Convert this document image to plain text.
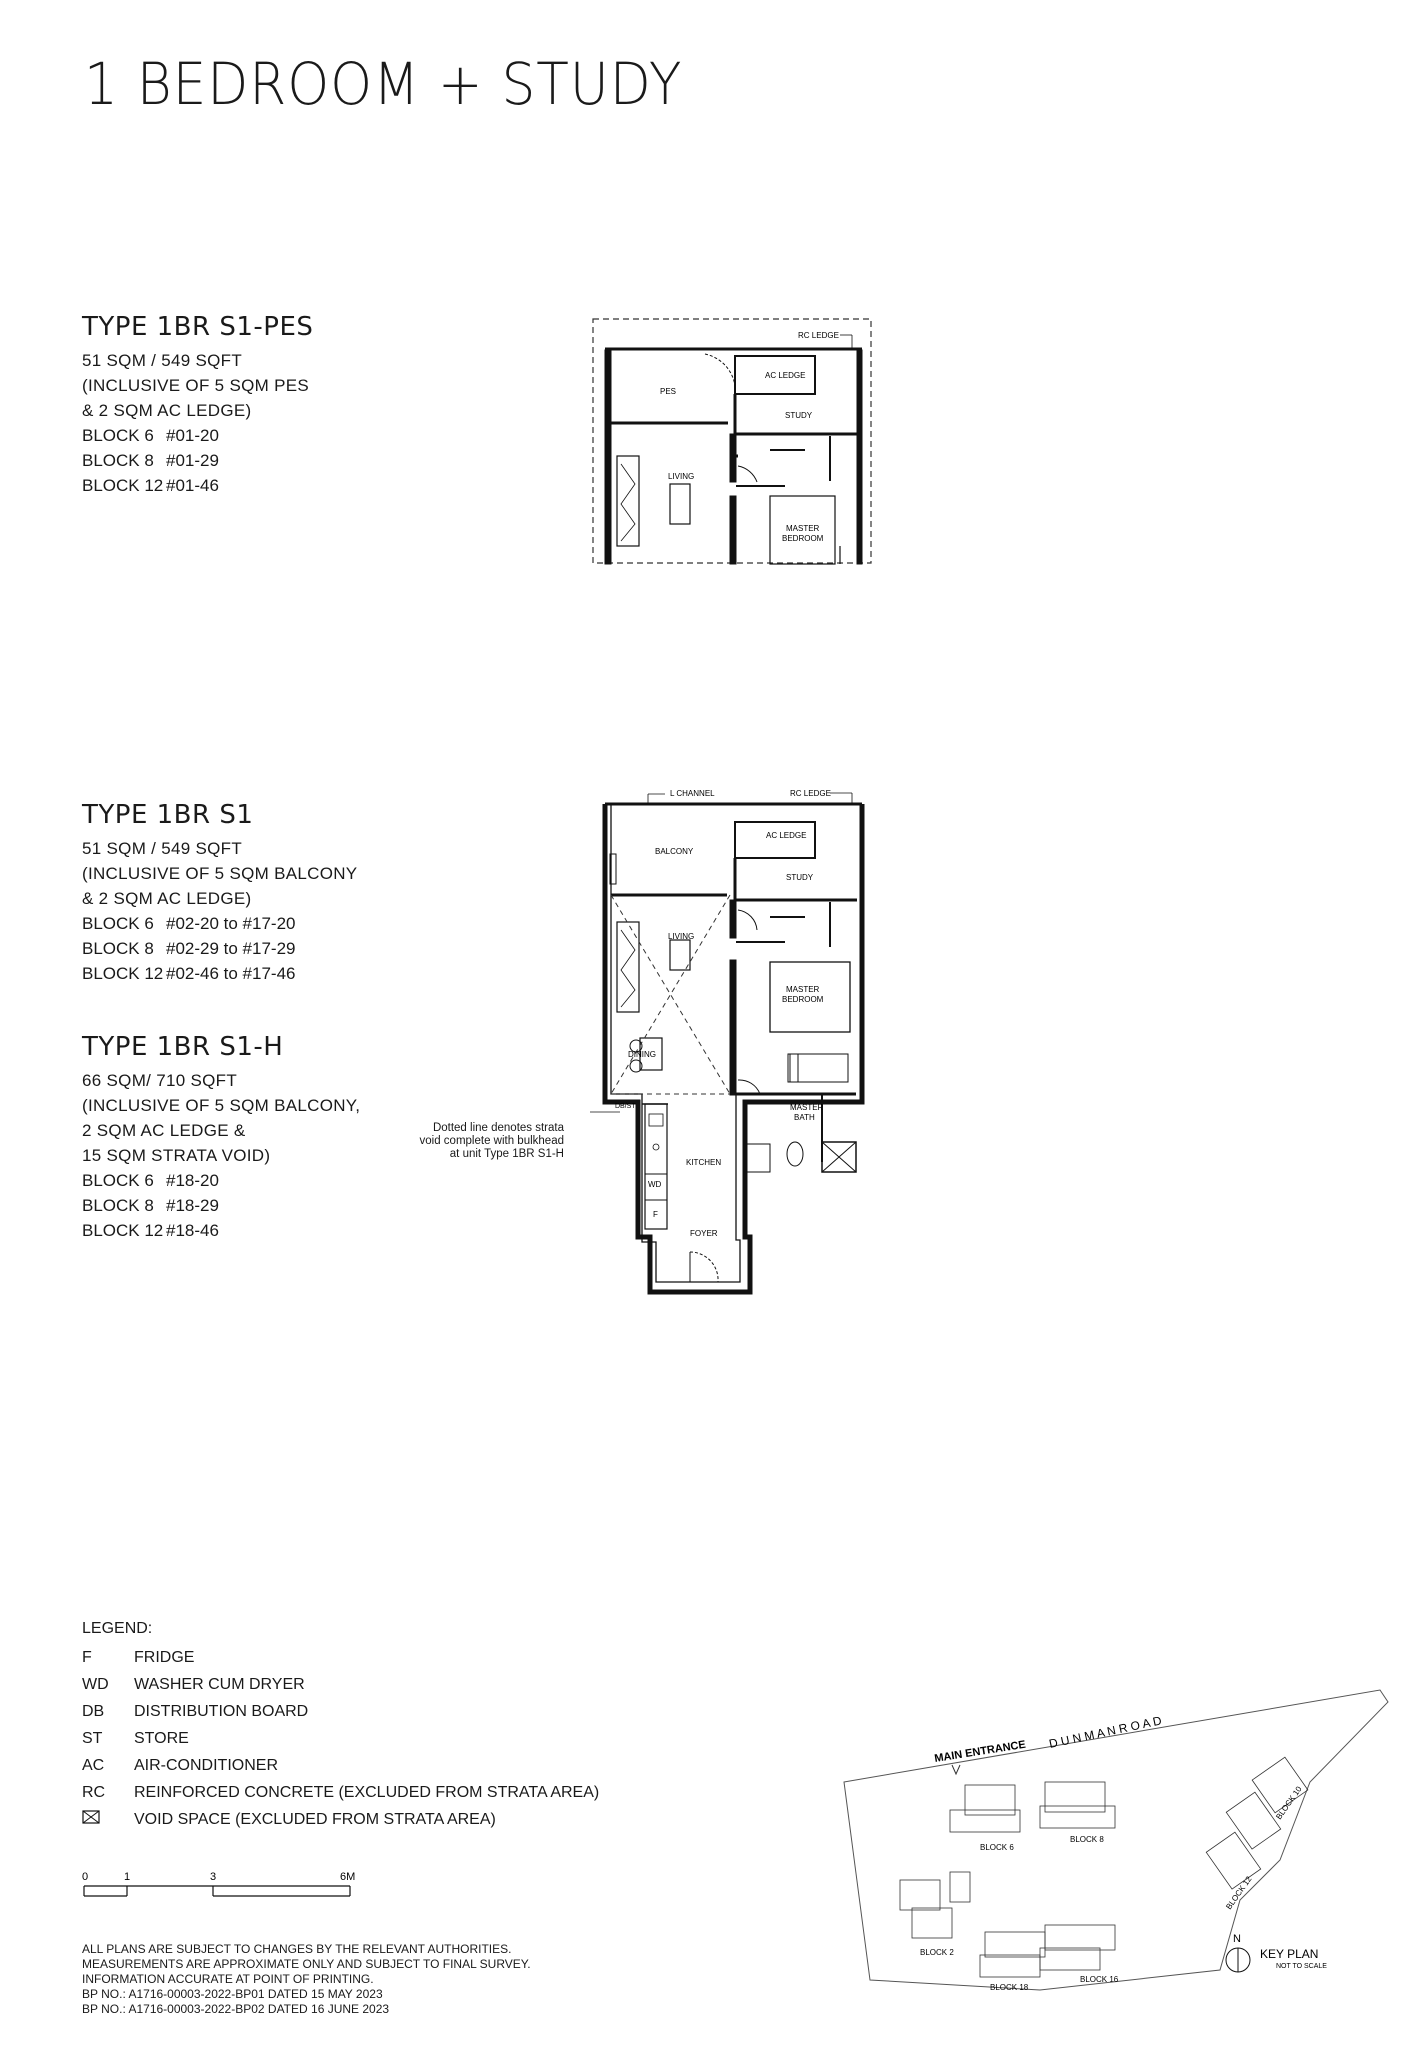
1 BEDROOM + STUDY
TYPE 1BR S1-PES
51 SQM / 549 SQFT
(INCLUSIVE OF 5 SQM PES
& 2 SQM AC LEDGE)
BLOCK 6 #01-20
BLOCK 8 #01-29
BLOCK 12 #01-46
TYPE 1BR S1
51 SQM / 549 SQFT
(INCLUSIVE OF 5 SQM BALCONY
& 2 SQM AC LEDGE)
BLOCK 6 #02-20 to #17-20
BLOCK 8 #02-29 to #17-29
BLOCK 12 #02-46 to #17-46
TYPE 1BR S1-H
66 SQM/ 710 SQFT
(INCLUSIVE OF 5 SQM BALCONY,
2 SQM AC LEDGE &
15 SQM STRATA VOID)
BLOCK 6 #18-20
BLOCK 8 #18-29
BLOCK 12 #18-46
RC LEDGE
AC LEDGE
PES
STUDY
LIVING
MASTER
BEDROOM
L CHANNEL	RC LEDGE
AC LEDGE
BALCONY
STUDY
LIVING
MASTER
BEDROOM
DINING
DB/ST	MASTER
BATH
WD
KITCHEN
F
FOYER
Dotted line denotes strata
void complete with bulkhead
at unit Type 1BR S1-H
LEGEND:
F	FRIDGE
WD	WASHER CUM DRYER
DB	DISTRIBUTION BOARD
ST	STORE
AC	AIR-CONDITIONER
RC	REINFORCED CONCRETE (EXCLUDED FROM STRATA AREA)
VOID SPACE (EXCLUDED FROM STRATA AREA)
0	1	3	6M
ALL PLANS ARE SUBJECT TO CHANGES BY THE RELEVANT AUTHORITIES.
MEASUREMENTS ARE APPROXIMATE ONLY AND SUBJECT TO FINAL SURVEY.
INFORMATION ACCURATE AT POINT OF PRINTING.
BP NO.: A1716-00003-2022-BP01 DATED 15 MAY 2023
BP NO.: A1716-00003-2022-BP02 DATED 16 JUNE 2023
MAIN ENTRANCE
D U N M A N R O A D
BLOCK 6
BLOCK 8
BLOCK 2
BLOCK 18
BLOCK 16
BLOCK 12
BLOCK 10
N
KEY PLAN
NOT TO SCALE
